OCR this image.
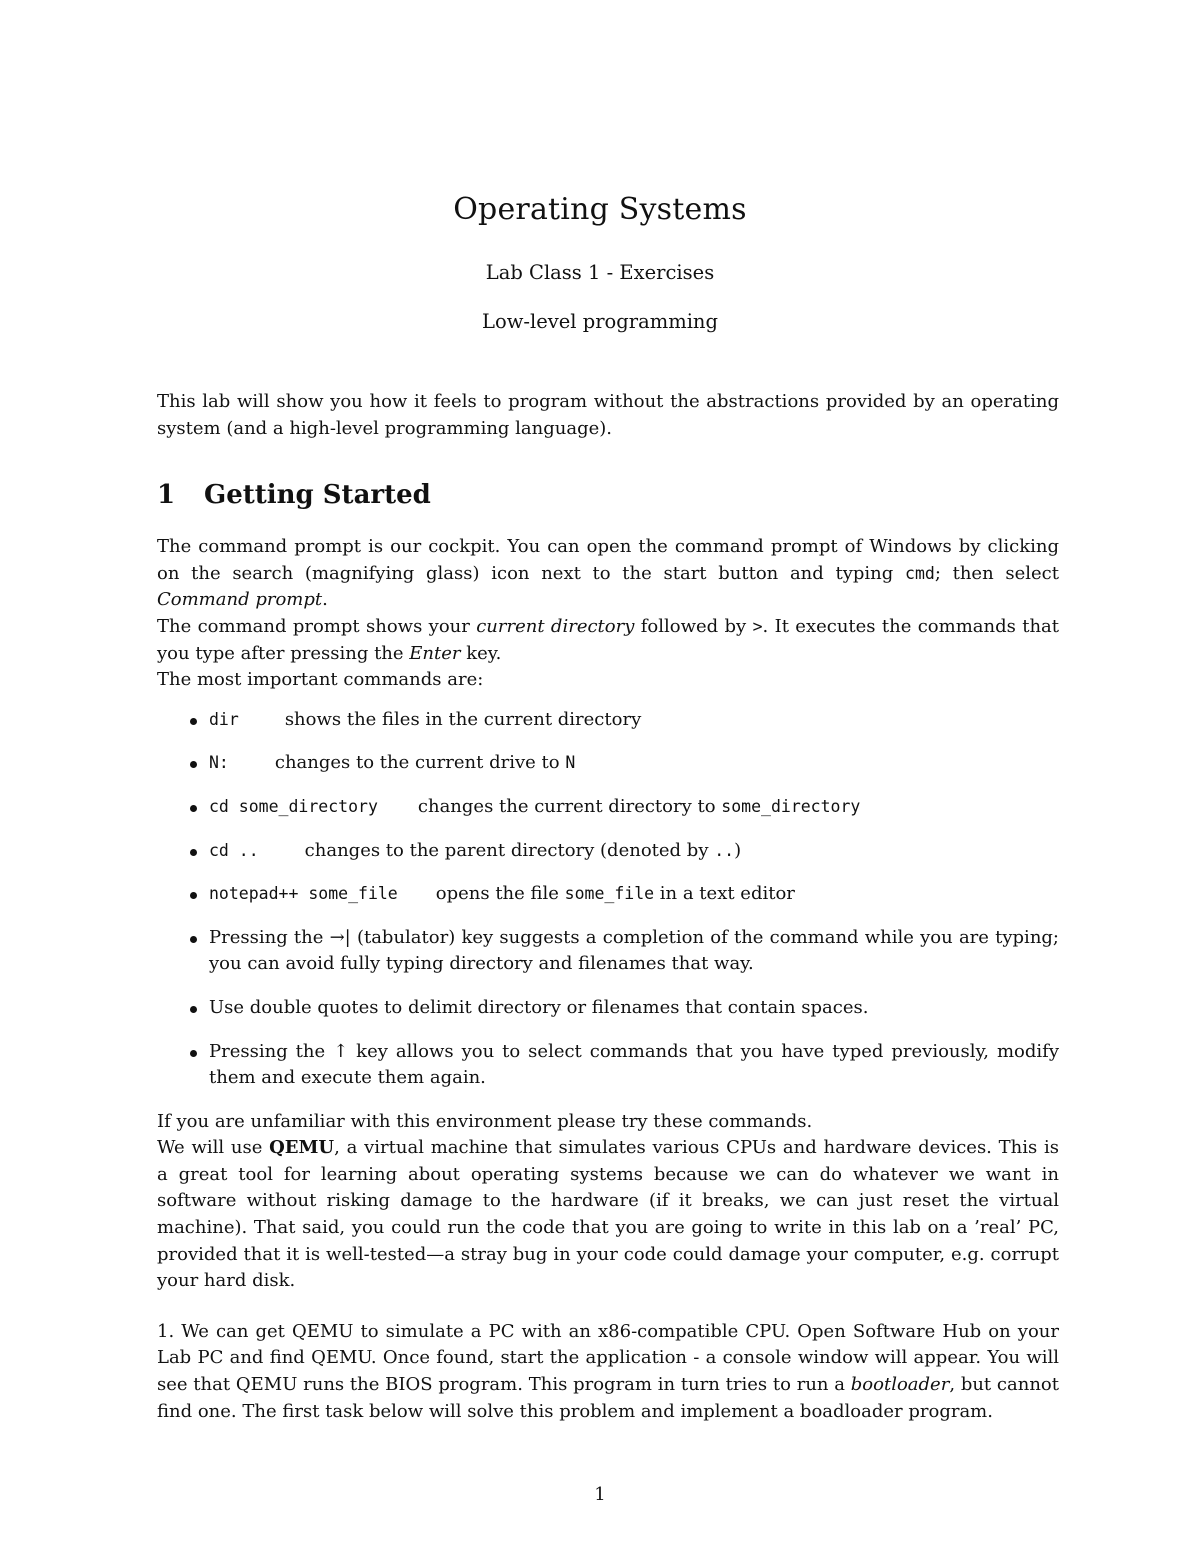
Operating Systems
Lab Class 1 - Exercises
Low-level programming

This lab will show you how it feels to program without the abstractions provided by an operating system (and a high-level programming language).

1 Getting Started

The command prompt is our cockpit. You can open the command prompt of Windows by clicking on the search (magnifying glass) icon next to the start button and typing cmd; then select Command prompt.

The command prompt shows your current directory followed by >. It executes the commands that you type after pressing the Enter key.

The most important commands are:

dir	shows the files in the current directory
N:	changes to the current drive to N
cd some_directory changes the current directory to some_directory
cd ..	changes to the parent directory (denoted by ..)
notepad++ some_file opens the file some_file in a text editor
Pressing the →| (tabulator) key suggests a completion of the command while you are typing; you can avoid fully typing directory and filenames that way.
Use double quotes to delimit directory or filenames that contain spaces.
Pressing the ↑ key allows you to select commands that you have typed previously, modify them and execute them again.

If you are unfamiliar with this environment please try these commands.

We will use QEMU, a virtual machine that simulates various CPUs and hardware devices. This is a great tool for learning about operating systems because we can do whatever we want in software without risking damage to the hardware (if it breaks, we can just reset the virtual machine). That said, you could run the code that you are going to write in this lab on a ’real’ PC, provided that it is well-tested—a stray bug in your code could damage your computer, e.g. corrupt your hard disk.

1. We can get QEMU to simulate a PC with an x86-compatible CPU. Open Software Hub on your Lab PC and find QEMU. Once found, start the application - a console window will appear. You will see that QEMU runs the BIOS program. This program in turn tries to run a bootloader, but cannot find one. The first task below will solve this problem and implement a boadloader program.

1
